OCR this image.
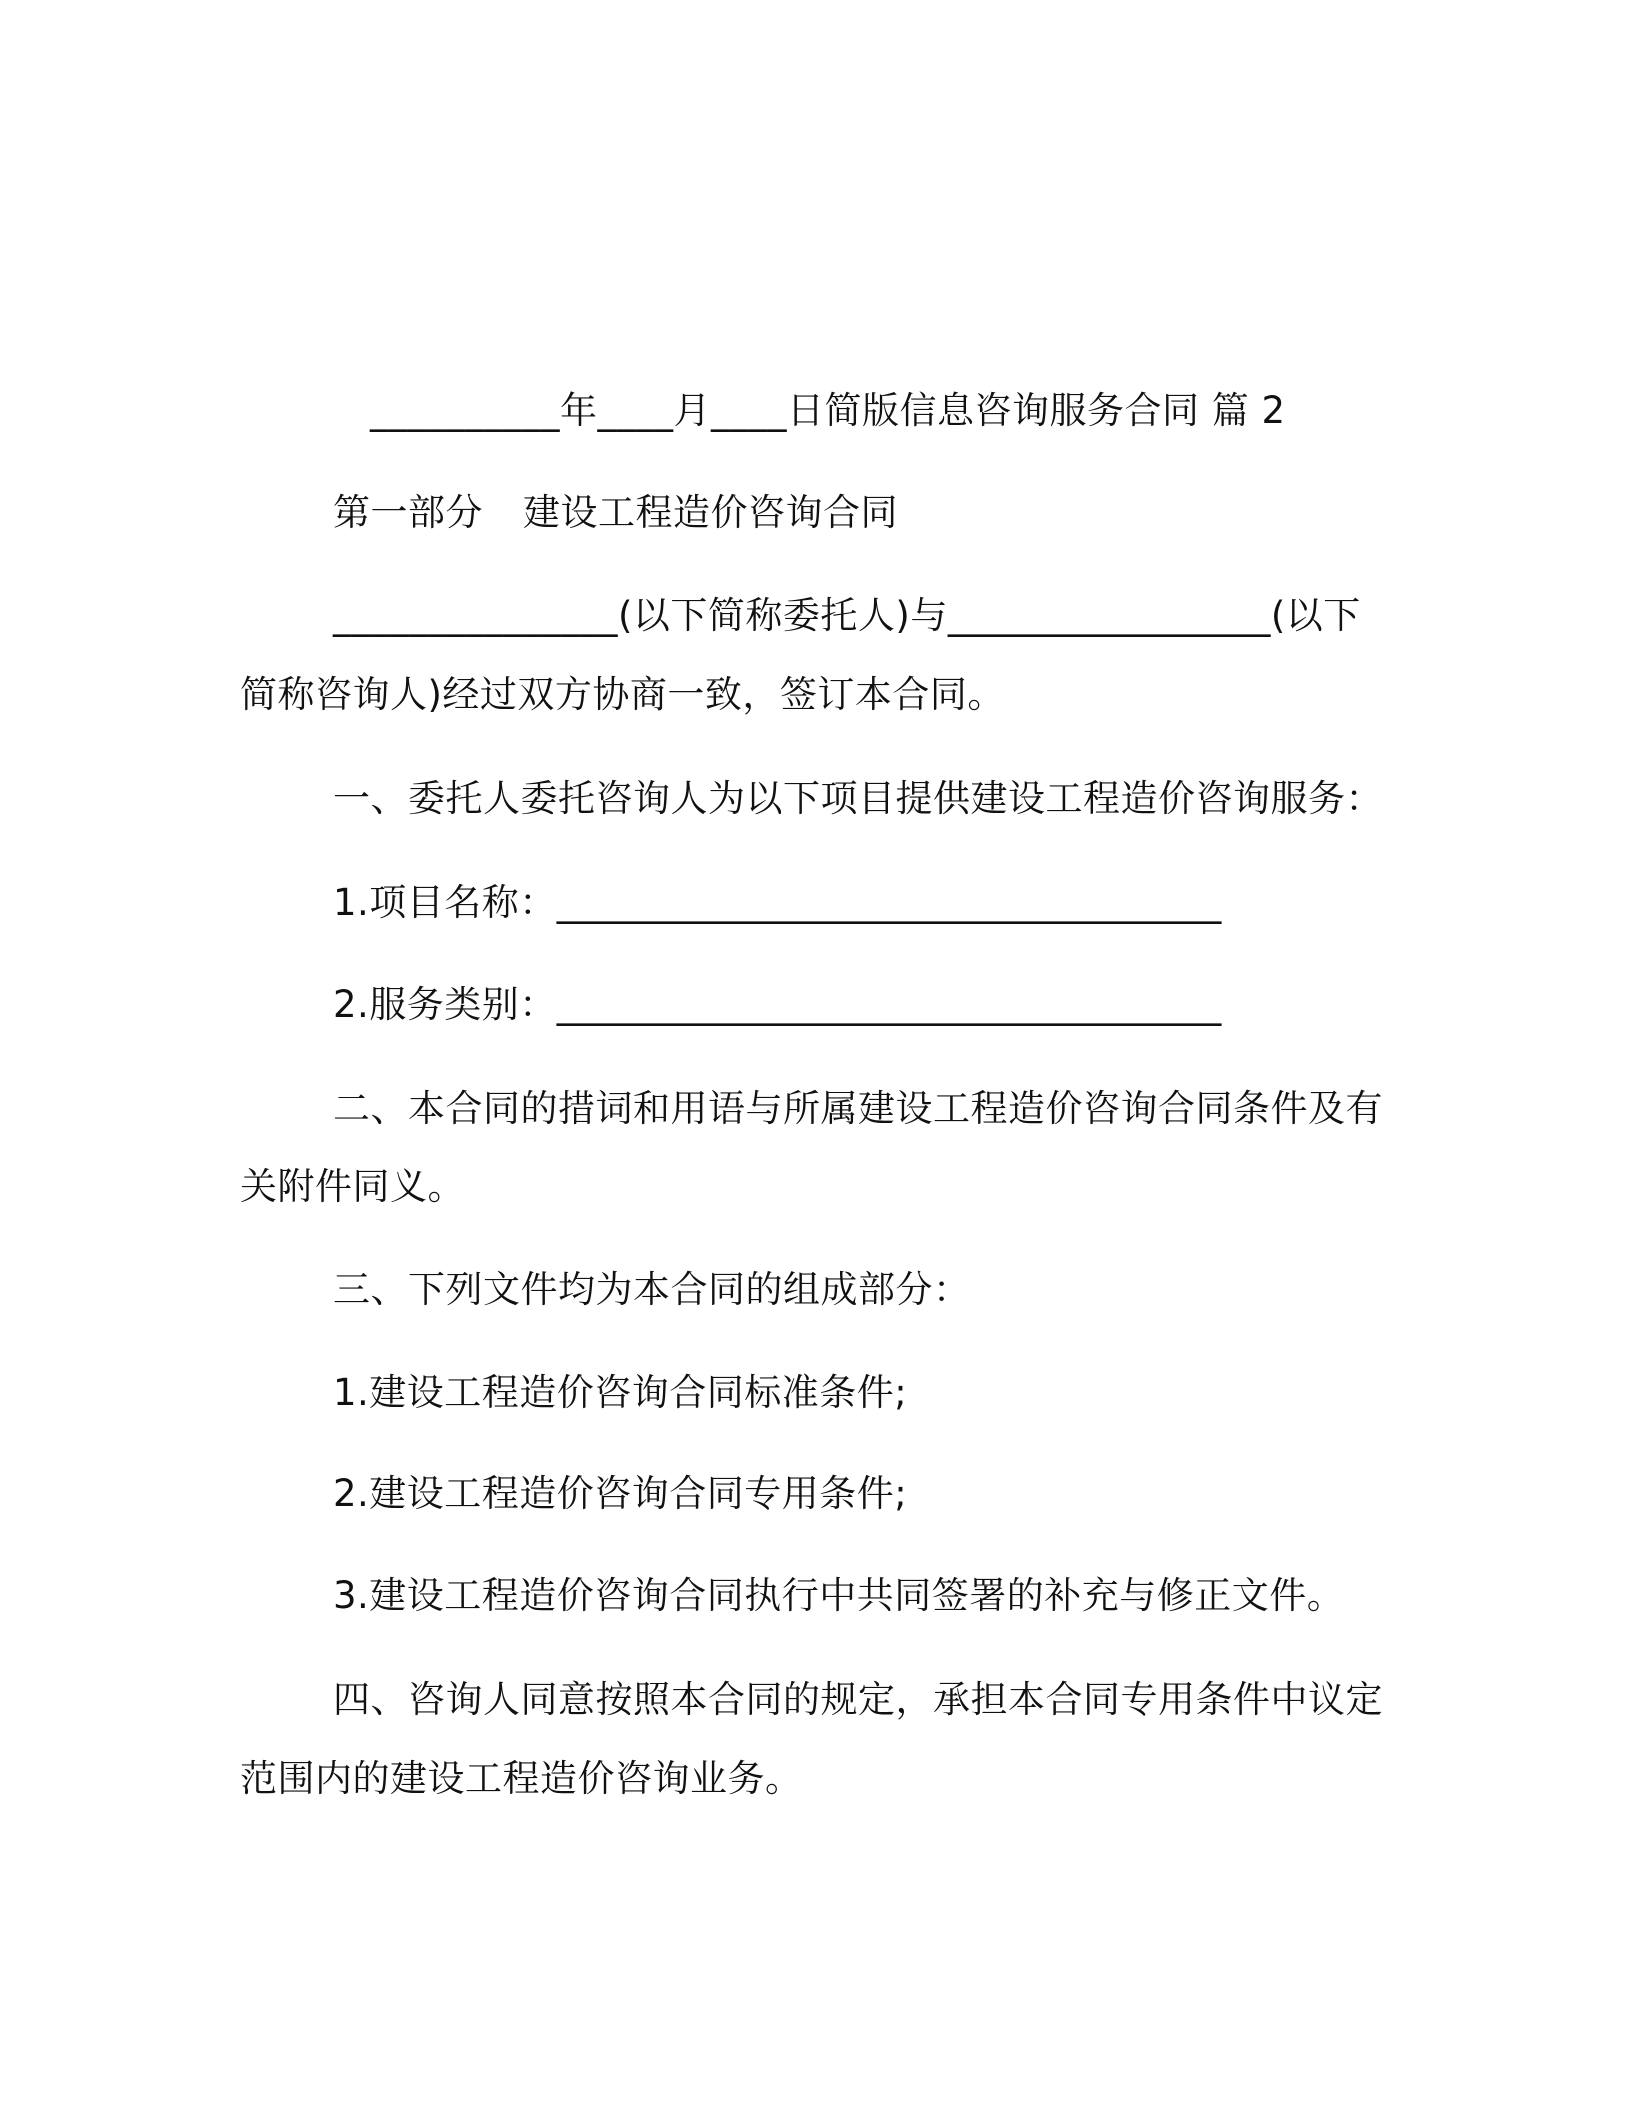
__________年____月____日简版信息咨询服务合同 篇 2
第一部分 建设工程造价咨询合同
_______________(以下简称委托人)与_________________(以下
简称咨询人)经过双方协商一致，签订本合同。
一、委托人委托咨询人为以下项目提供建设工程造价咨询服务：
1.项目名称：___________________________________
2.服务类别：___________________________________
二、本合同的措词和用语与所属建设工程造价咨询合同条件及有
关附件同义。
三、下列文件均为本合同的组成部分：
1.建设工程造价咨询合同标准条件;
2.建设工程造价咨询合同专用条件;
3.建设工程造价咨询合同执行中共同签署的补充与修正文件。
四、咨询人同意按照本合同的规定，承担本合同专用条件中议定
范围内的建设工程造价咨询业务。
